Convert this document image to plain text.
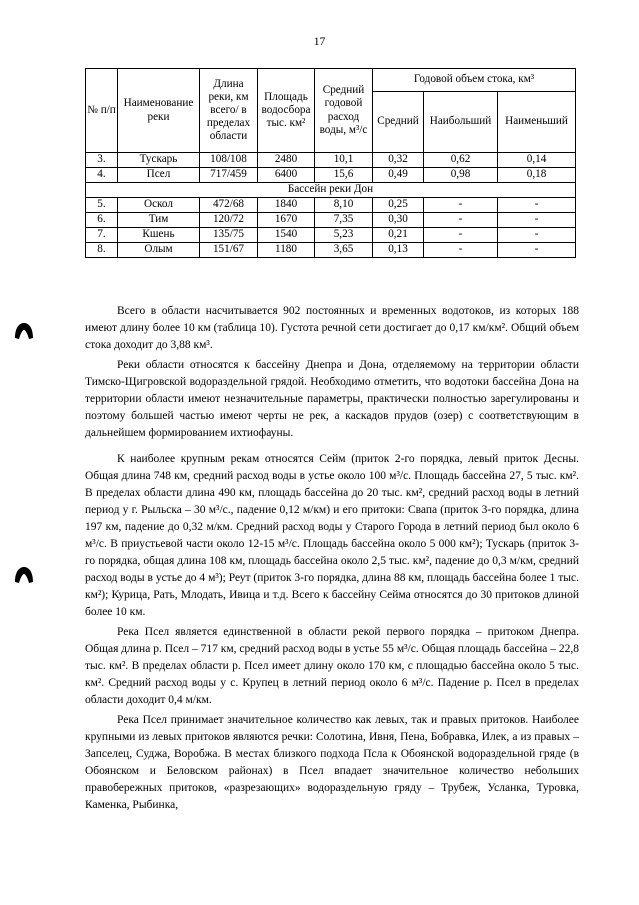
17
№ п/п	Наименование реки	Длина реки, км всего/ в пределах области	Площадь водосбора тыс. км²	Средний годовой расход воды, м³/с	Годовой объем стока, км³		
					Средний	Наибольший	Наименьший
3.	Тускарь	108/108	2480	10,1	0,32	0,62	0,14
4.	Псел	717/459	6400	15,6	0,49	0,98	0,18
Бассейн реки Дон							
5.	Оскол	472/68	1840	8,10	0,25	-	-
6.	Тим	120/72	1670	7,35	0,30	-	-
7.	Кшень	135/75	1540	5,23	0,21	-	-
8.	Олым	151/67	1180	3,65	0,13	-	-

Всего в области насчитывается 902 постоянных и временных водотоков, из которых 188 имеют длину более 10 км (таблица 10). Густота речной сети достигает до 0,17 км/км². Общий объем стока доходит до 3,88 км³.

Реки области относятся к бассейну Днепра и Дона, отделяемому на территории области Тимско-Щигровской водораздельной грядой. Необходимо отметить, что водотоки бассейна Дона на территории области имеют незначительные параметры, практически полностью зарегулированы и поэтому большей частью имеют черты не рек, а каскадов прудов (озер) с соответствующим в дальнейшем формированием ихтиофауны.

К наиболее крупным рекам относятся Сейм (приток 2-го порядка, левый приток Десны. Общая длина 748 км, средний расход воды в устье около 100 м³/с. Площадь бассейна 27, 5 тыс. км². В пределах области длина 490 км, площадь бассейна до 20 тыс. км², средний расход воды в летний период у г. Рыльска – 30 м³/с., падение 0,12 м/км) и его притоки: Свапа (приток 3-го порядка, длина 197 км, падение до 0,32 м/км. Средний расход воды у Старого Города в летний период был около 6 м³/с. В приустьевой части около 12-15 м³/с. Площадь бассейна около 5 000 км²); Тускарь (приток 3-го порядка, общая длина 108 км, площадь бассейна около 2,5 тыс. км², падение до 0,3 м/км, средний расход воды в устье до 4 м³); Реут (приток 3-го порядка, длина 88 км, площадь бассейна более 1 тыс. км²); Курица, Рать, Млодать, Ивица и т.д. Всего к бассейну Сейма относятся до 30 притоков длиной более 10 км.

Река Псел является единственной в области рекой первого порядка – притоком Днепра. Общая длина р. Псел – 717 км, средний расход воды в устье 55 м³/с. Общая площадь бассейна – 22,8 тыс. км². В пределах области р. Псел имеет длину около 170 км, с площадью бассейна около 5 тыс. км². Средний расход воды у с. Крупец в летний период около 6 м³/с. Падение р. Псел в пределах области доходит 0,4 м/км.

Река Псел принимает значительное количество как левых, так и правых притоков. Наиболее крупными из левых притоков являются речки: Солотина, Ивня, Пена, Бобравка, Илек, а из правых – Запселец, Суджа, Воробжа. В местах близкого подхода Псла к Обоянской водораздельной гряде (в Обоянском и Беловском районах) в Псел впадает значительное количество небольших правобережных притоков, «разрезающих» водораздельную гряду – Трубеж, Усланка, Туровка, Каменка, Рыбинка,
